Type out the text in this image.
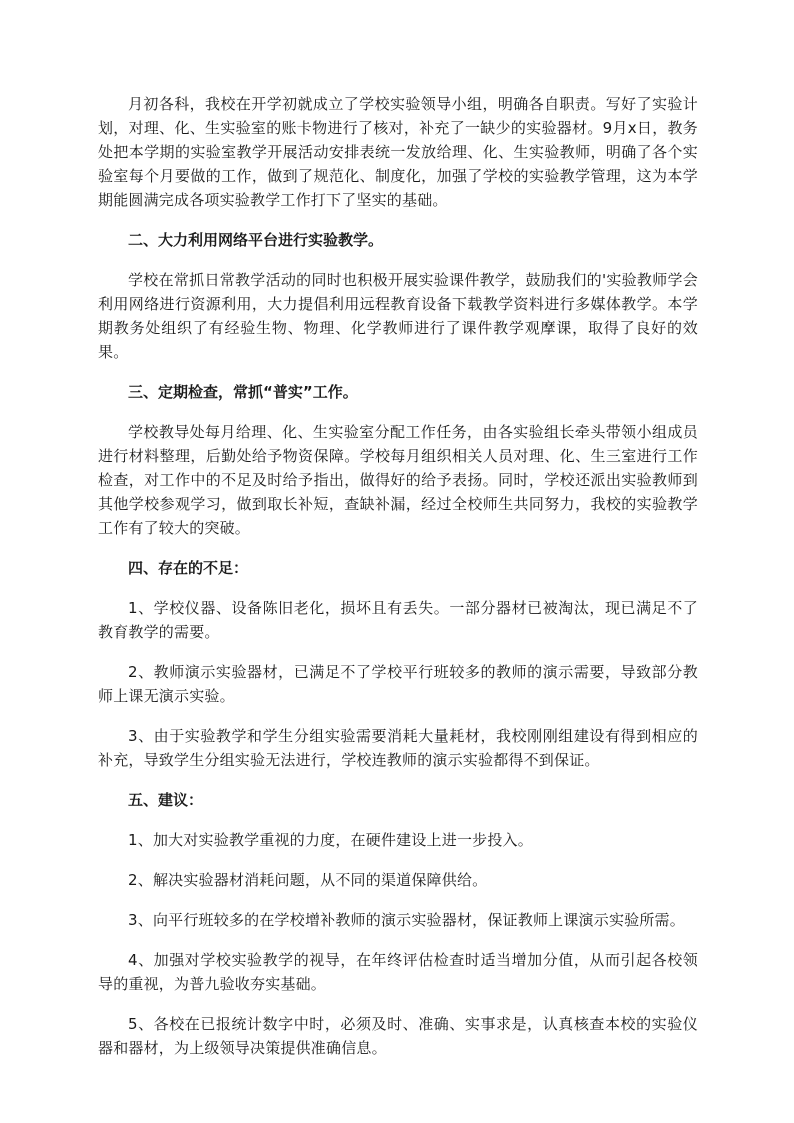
月初各科，我校在开学初就成立了学校实验领导小组，明确各自职责。写好了实验计划，对理、化、生实验室的账卡物进行了核对，补充了一缺少的实验器材。9月x日，教务处把本学期的实验室教学开展活动安排表统一发放给理、化、生实验教师，明确了各个实验室每个月要做的工作，做到了规范化、制度化，加强了学校的实验教学管理，这为本学期能圆满完成各项实验教学工作打下了坚实的基础。

二、大力利用网络平台进行实验教学。

学校在常抓日常教学活动的同时也积极开展实验课件教学，鼓励我们的'实验教师学会利用网络进行资源利用，大力提倡利用远程教育设备下载教学资料进行多媒体教学。本学期教务处组织了有经验生物、物理、化学教师进行了课件教学观摩课，取得了良好的效果。

三、定期检查，常抓“普实”工作。

学校教导处每月给理、化、生实验室分配工作任务，由各实验组长牵头带领小组成员进行材料整理，后勤处给予物资保障。学校每月组织相关人员对理、化、生三室进行工作检查，对工作中的不足及时给予指出，做得好的给予表扬。同时，学校还派出实验教师到其他学校参观学习，做到取长补短，查缺补漏，经过全校师生共同努力，我校的实验教学工作有了较大的突破。

四、存在的不足：

1、学校仪器、设备陈旧老化，损坏且有丢失。一部分器材已被淘汰，现已满足不了教育教学的需要。

2、教师演示实验器材，已满足不了学校平行班较多的教师的演示需要，导致部分教师上课无演示实验。

3、由于实验教学和学生分组实验需要消耗大量耗材，我校刚刚组建设有得到相应的补充，导致学生分组实验无法进行，学校连教师的演示实验都得不到保证。

五、建议：

1、加大对实验教学重视的力度，在硬件建设上进一步投入。

2、解决实验器材消耗问题，从不同的渠道保障供给。

3、向平行班较多的在学校增补教师的演示实验器材，保证教师上课演示实验所需。

4、加强对学校实验教学的视导，在年终评估检查时适当增加分值，从而引起各校领导的重视，为普九验收夯实基础。

5、各校在已报统计数字中时，必须及时、准确、实事求是，认真核查本校的实验仪器和器材，为上级领导决策提供准确信息。
